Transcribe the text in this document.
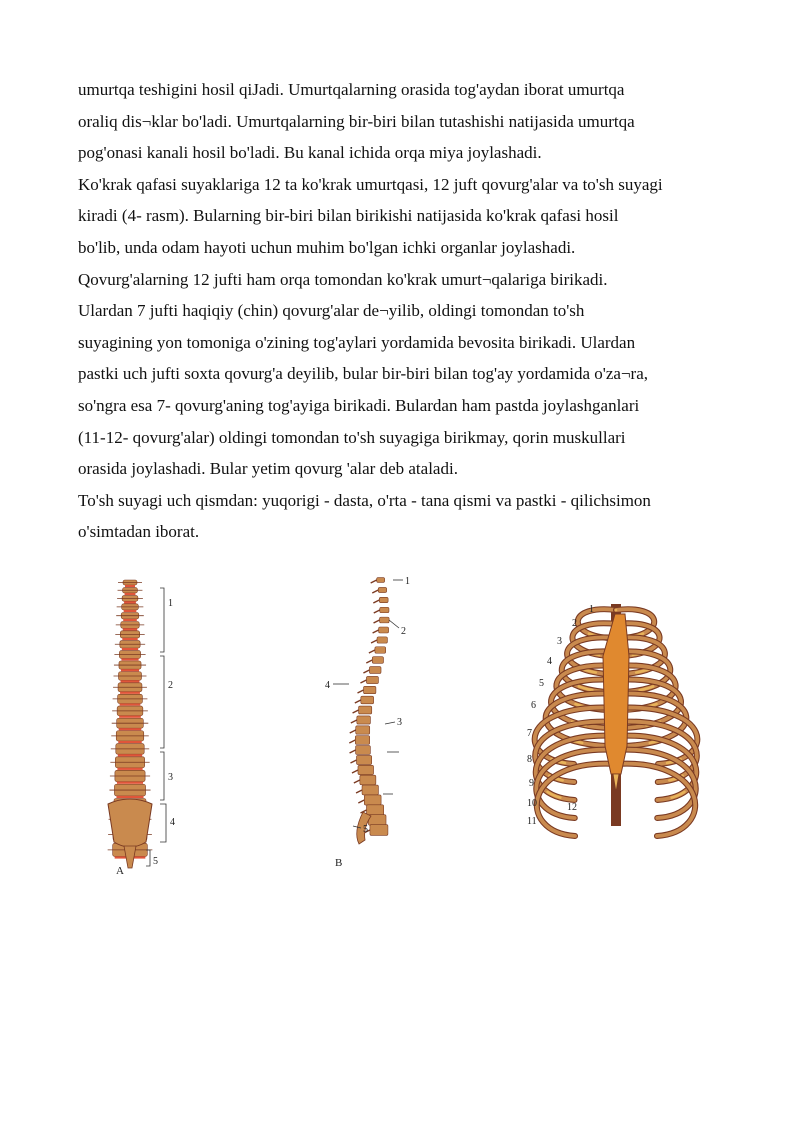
umurtqa teshigini hosil qiJadi. Umurtqalarning orasida tog'aydan iborat umurtqa
oraliq dis¬klar bo'ladi. Umurtqalarning bir-biri bilan tutashishi natijasida umurtqa
pog'onasi kanali hosil bo'ladi. Bu kanal ichida orqa miya joylashadi.
Ko'krak qafasi suyaklariga 12 ta ko'krak umurtqasi, 12 juft qovurg'alar va to'sh suyagi
kiradi (4- rasm). Bularning bir-biri bilan birikishi natijasida ko'krak qafasi hosil
bo'lib, unda odam hayoti uchun muhim bo'lgan ichki organlar joylashadi.
Qovurg'alarning 12 jufti ham orqa tomondan ko'krak umurt¬qalariga birikadi.
Ulardan 7 jufti haqiqiy (chin) qovurg'alar de¬yilib, oldingi tomondan to'sh
suyagining yon tomoniga o'zining tog'aylari yordamida bevosita birikadi. Ulardan
pastki uch jufti soxta qovurg'a deyilib, bular bir-biri bilan tog'ay yordamida o'za¬ra,
so'ngra esa 7- qovurg'aning tog'ayiga birikadi. Bulardan ham pastda joylashganlari
(11-12- qovurg'alar) oldingi tomondan to'sh suyagiga birikmay, qorin muskullari
orasida joylashadi. Bular yetim qovurg 'alar deb ataladi.
To'sh suyagi uch qismdan: yuqorigi - dasta, o'rta - tana qismi va pastki - qilichsimon
o'simtadan iborat.
1
2
3
4
5
A
1
2
3
4
5
B
1
2
3
4
5
6
7
8
9
10
11
12
